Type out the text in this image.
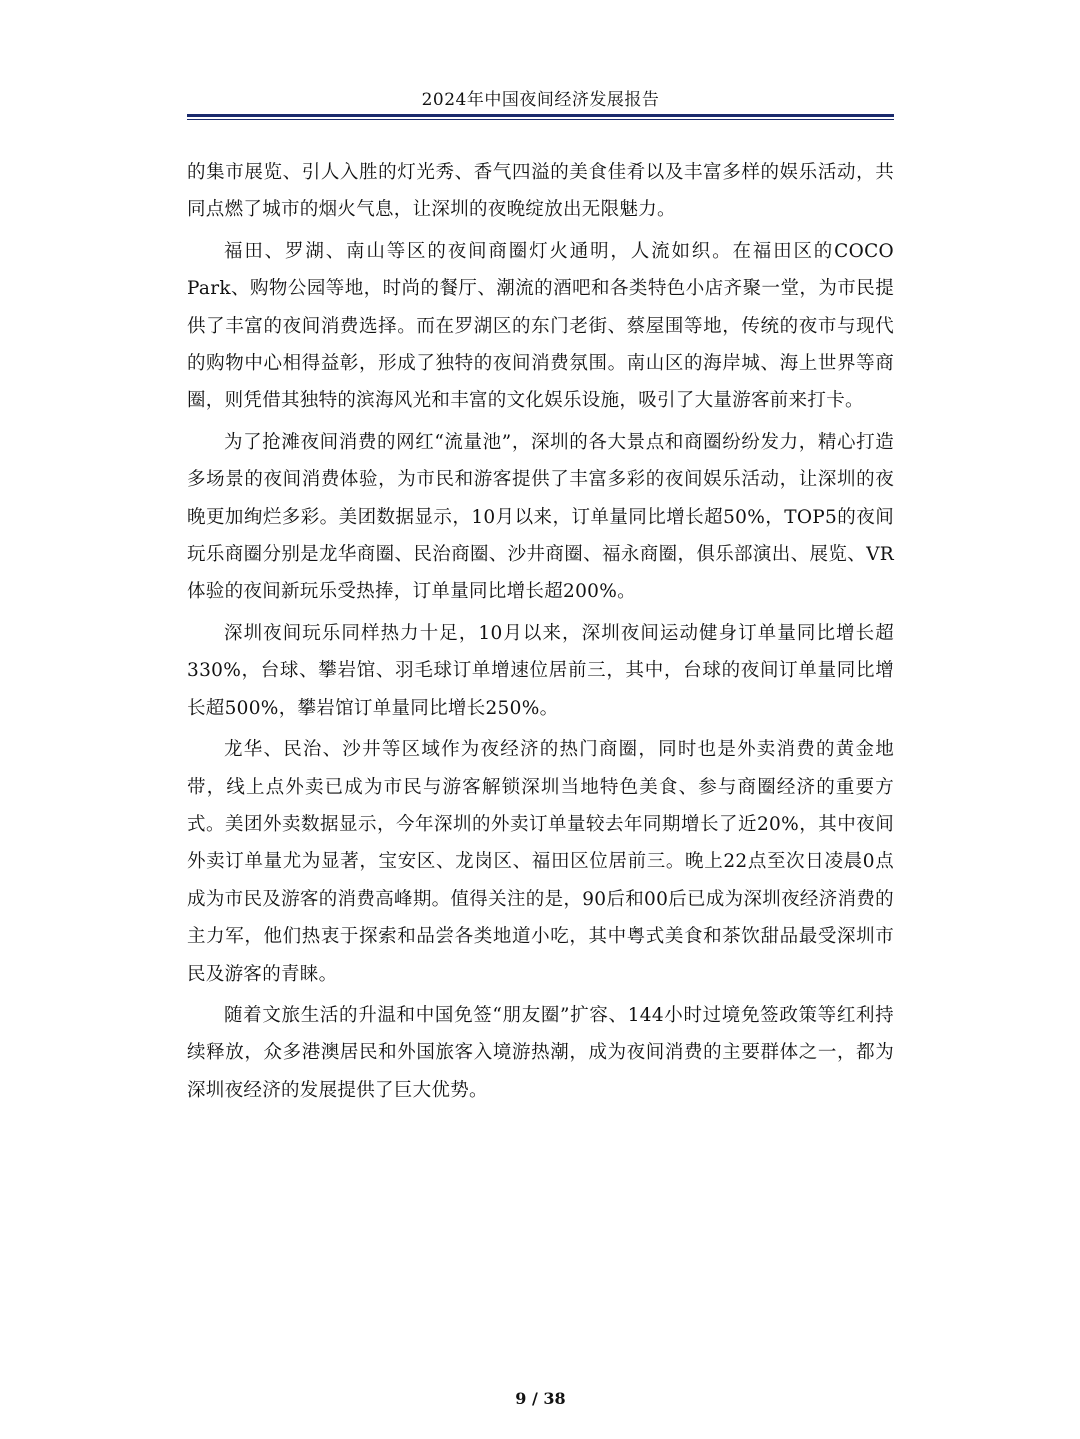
2024年中国夜间经济发展报告

的集市展览、引人入胜的灯光秀、香气四溢的美食佳肴以及丰富多样的娱乐活动，共同点燃了城市的烟火气息，让深圳的夜晚绽放出无限魅力。

福田、罗湖、南山等区的夜间商圈灯火通明，人流如织。在福田区的COCO Park、购物公园等地，时尚的餐厅、潮流的酒吧和各类特色小店齐聚一堂，为市民提供了丰富的夜间消费选择。而在罗湖区的东门老街、蔡屋围等地，传统的夜市与现代的购物中心相得益彰，形成了独特的夜间消费氛围。南山区的海岸城、海上世界等商圈，则凭借其独特的滨海风光和丰富的文化娱乐设施，吸引了大量游客前来打卡。

为了抢滩夜间消费的网红“流量池”，深圳的各大景点和商圈纷纷发力，精心打造多场景的夜间消费体验，为市民和游客提供了丰富多彩的夜间娱乐活动，让深圳的夜晚更加绚烂多彩。美团数据显示，10月以来，订单量同比增长超50%，TOP5的夜间玩乐商圈分别是龙华商圈、民治商圈、沙井商圈、福永商圈，俱乐部演出、展览、VR体验的夜间新玩乐受热捧，订单量同比增长超200%。

深圳夜间玩乐同样热力十足，10月以来，深圳夜间运动健身订单量同比增长超330%，台球、攀岩馆、羽毛球订单增速位居前三，其中，台球的夜间订单量同比增长超500%，攀岩馆订单量同比增长250%。

龙华、民治、沙井等区域作为夜经济的热门商圈，同时也是外卖消费的黄金地带，线上点外卖已成为市民与游客解锁深圳当地特色美食、参与商圈经济的重要方式。美团外卖数据显示，今年深圳的外卖订单量较去年同期增长了近20%，其中夜间外卖订单量尤为显著，宝安区、龙岗区、福田区位居前三。晚上22点至次日凌晨0点成为市民及游客的消费高峰期。值得关注的是，90后和00后已成为深圳夜经济消费的主力军，他们热衷于探索和品尝各类地道小吃，其中粤式美食和茶饮甜品最受深圳市民及游客的青睐。

随着文旅生活的升温和中国免签“朋友圈”扩容、144小时过境免签政策等红利持续释放，众多港澳居民和外国旅客入境游热潮，成为夜间消费的主要群体之一，都为深圳夜经济的发展提供了巨大优势。

9 / 38
